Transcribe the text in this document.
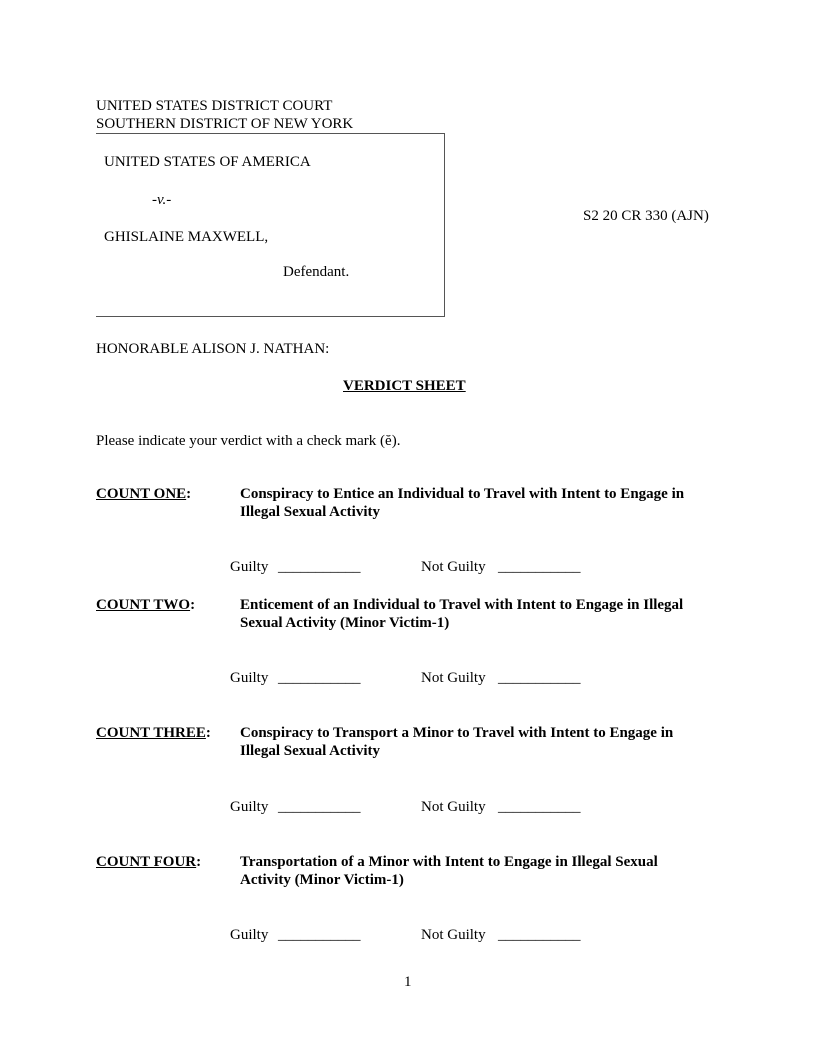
UNITED STATES DISTRICT COURT
SOUTHERN DISTRICT OF NEW YORK
UNITED STATES OF AMERICA
-v.-
GHISLAINE MAXWELL,
Defendant.
S2 20 CR 330 (AJN)
HONORABLE ALISON J. NATHAN:
VERDICT SHEET
Please indicate your verdict with a check mark (ĕ).
COUNT ONE:	Conspiracy to Entice an Individual to Travel with Intent to Engage in
Illegal Sexual Activity
Guilty ___________	Not Guilty ___________
COUNT TWO:	Enticement of an Individual to Travel with Intent to Engage in Illegal
Sexual Activity (Minor Victim-1)
Guilty ___________	Not Guilty ___________
COUNT THREE: Conspiracy to Transport a Minor to Travel with Intent to Engage in
Illegal Sexual Activity
Guilty ___________	Not Guilty ___________
COUNT FOUR:	Transportation of a Minor with Intent to Engage in Illegal Sexual
Activity (Minor Victim-1)
Guilty ___________	Not Guilty ___________
1
